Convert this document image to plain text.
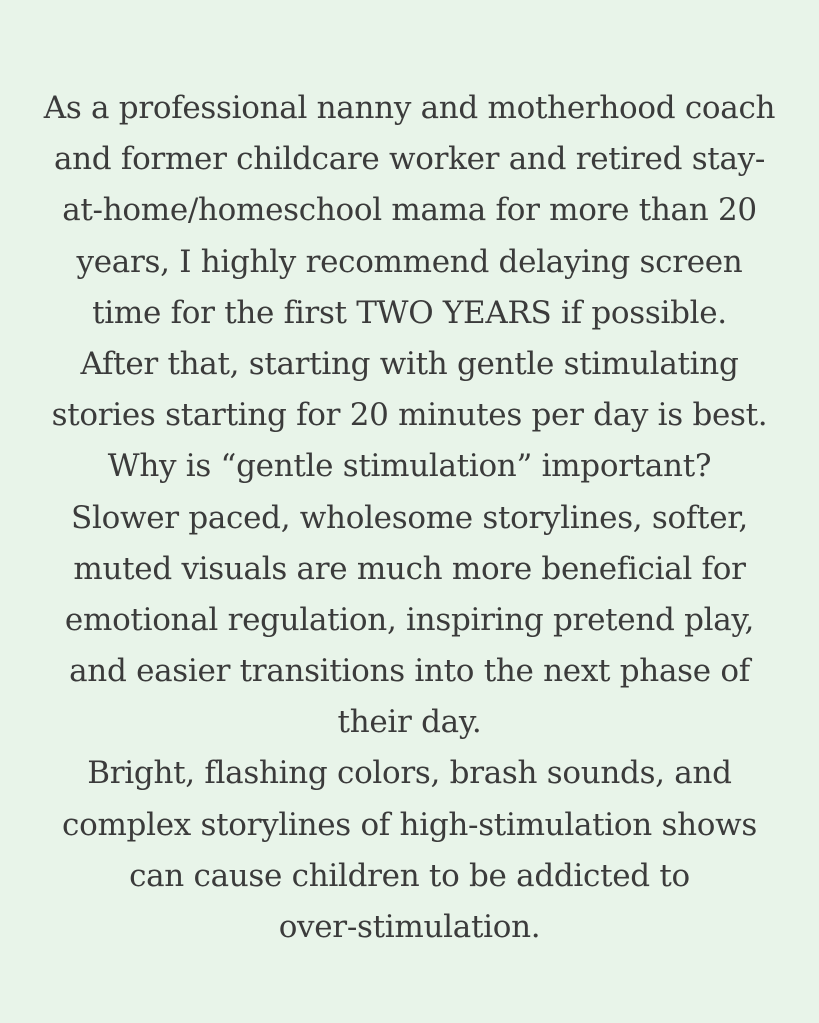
As a professional nanny and motherhood coach
and former childcare worker and retired stay-
at-home/homeschool mama for more than 20
years, I highly recommend delaying screen
time for the first TWO YEARS if possible.
After that, starting with gentle stimulating
stories starting for 20 minutes per day is best.
Why is “gentle stimulation” important?
Slower paced, wholesome storylines, softer,
muted visuals are much more beneficial for
emotional regulation, inspiring pretend play,
and easier transitions into the next phase of
their day.
Bright, flashing colors, brash sounds, and
complex storylines of high-stimulation shows
can cause children to be addicted to
over-stimulation.
